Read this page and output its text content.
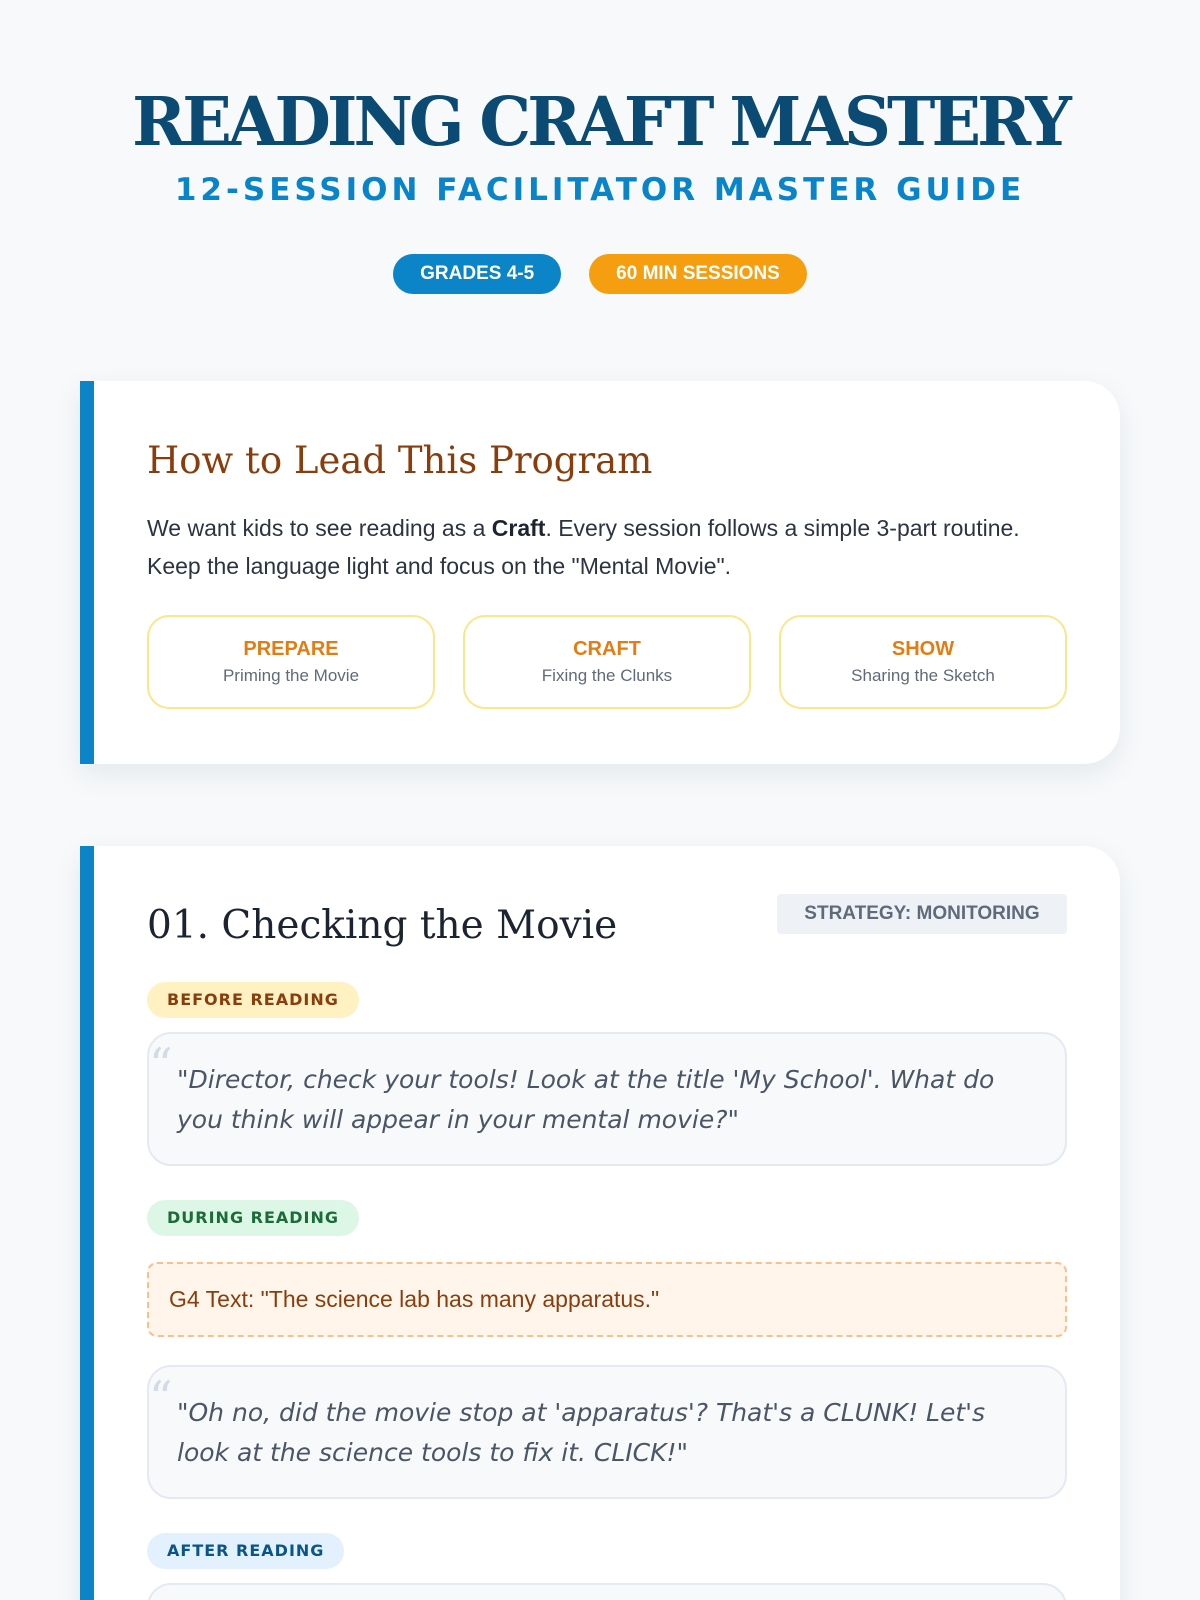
READING CRAFT MASTERY
12-SESSION FACILITATOR MASTER GUIDE
GRADES 4-5	60 MIN SESSIONS
How to Lead This Program

We want kids to see reading as a Craft. Every session follows a simple 3-part routine. Keep the language light and focus on the "Mental Movie".

PREPARE
Priming the Movie
CRAFT
Fixing the Clunks
SHOW
Sharing the Sketch
01. Checking the Movie	STRATEGY: MONITORING
BEFORE READING
“ "Director, check your tools! Look at the title 'My School'. What do you think will appear in your mental movie?"
DURING READING
G4 Text: "The science lab has many apparatus."
“ "Oh no, did the movie stop at 'apparatus'? That's a CLUNK! Let's look at the science tools to fix it. CLICK!"
AFTER READING
